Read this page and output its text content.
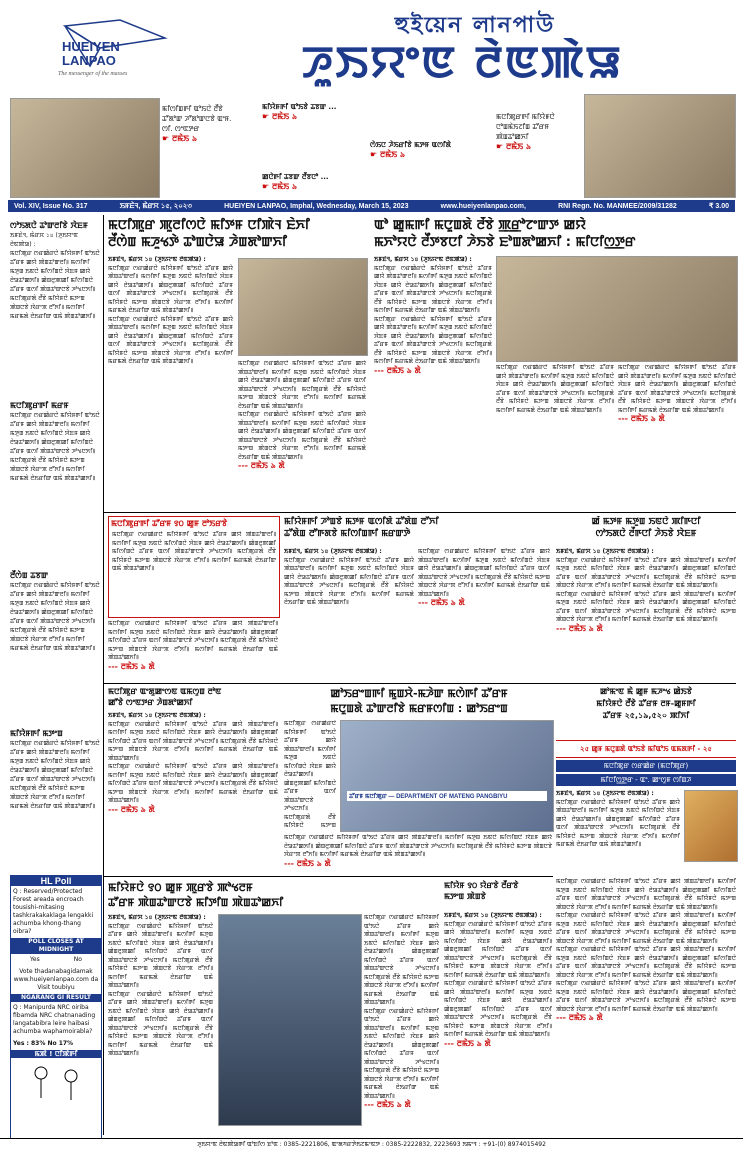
HUEIYEN
LANPAO
The messenger of the masses
হুইয়েন লানপাউ
ꯍꯨꯏꯌꯦꯟ ꯂꯥꯟꯄꯥꯎ
ꯃꯤꯁꯤꯡꯒꯤ ꯑꯣꯏꯅꯥ ꯂꯩꯕꯥ ꯊꯧꯗꯣꯛ ꯍꯧꯗꯣꯛꯅꯕꯥ ꯑꯦꯝ. ꯁꯤ. ꯁꯦꯟꯇꯔ
☛ ꯂꯃꯥꯏ ৯
ꯃꯤꯌꯥꯝꯒꯤ ꯑꯣꯏꯕꯥ ꯊꯕꯛ ...
☛ ꯂꯃꯥꯏ ৯
ꯁꯥꯏꯅ ꯍꯥꯏꯔꯤꯕꯥ ꯃꯇꯝ ꯑꯁꯤꯗꯥ
☛ ꯂꯃꯥꯏ ৯
ꯀꯅꯥꯒꯤ ꯊꯕꯛ ꯂꯩꯕꯅꯣ ...
☛ ꯂꯃꯥꯏ ৯
ꯃꯅꯤꯄꯨꯔꯒꯤ ꯃꯤꯌꯥꯝꯅꯥ ꯅꯣꯡꯃꯥꯏꯖꯤꯡ ꯊꯧꯔꯝ ꯄꯥꯡꯊꯣꯀꯈꯤ
☛ ꯂꯃꯥꯏ ৯
Vol. XIV, Issue No. 317	ꯏꯝꯐꯥꯜ, ꯃꯥꯔꯆ ১৫, ২০২৩	HUEIYEN LANPAO, Imphal, Wednesday, March 15, 2023	www.hueiyenlanpao.com,	RNI Regn. No. MANMEE/2009/31282	₹ 3.00
ꯁꯣꯏꯗꯅꯥ ꯊꯣꯛꯂꯤꯕꯥ ꯋꯥꯐꯝ
ꯏꯝꯐꯥꯜ, ꯃꯥꯔꯆ ১৪ (ꯍꯨꯏꯌꯦꯟ ꯂꯥꯟꯄꯥꯎ) :
ꯃꯅꯤꯄꯨꯔ ꯁꯔꯀꯥꯔꯅꯥ ꯃꯤꯌꯥꯝꯒꯤ ꯑꯣꯏꯅꯥ ꯊꯧꯔꯝ ꯀꯌꯥ ꯄꯥꯡꯊꯣꯛꯂꯤ꯫ ꯃꯁꯤꯒꯤ ꯃꯇꯨꯡ ꯏꯟꯅꯥ ꯃꯤꯁꯤꯡꯅꯥ ꯋꯥꯐꯝ ꯀꯌꯥ ꯂꯥꯎꯊꯣꯀꯈꯤ꯫ ꯀꯥꯡꯂꯨꯄꯀꯤ ꯃꯤꯁꯤꯡꯅꯥ ꯊꯧꯔꯝ ꯑꯁꯤ ꯄꯥꯡꯊꯣꯛꯅꯕꯥ ꯍꯣꯠꯅꯈꯤ꯫ ꯃꯅꯤꯄꯨꯔꯗꯥ ꯂꯩꯕꯥ ꯃꯤꯌꯥꯝꯅꯥ ꯃꯇꯦꯡ ꯄꯥꯡꯅꯕꯥ ꯋꯥꯔꯦꯞ ꯂꯧꯈꯤ꯫ ꯃꯁꯤꯒꯤ ꯃꯔꯃꯗꯥ ꯂꯥꯏꯔꯤꯛ ꯑꯃꯥ ꯄꯥꯡꯊꯣꯀꯈꯤ꯫
ꯃꯅꯤꯄꯨꯔꯒꯤ ꯃꯔꯝ
ꯃꯅꯤꯄꯨꯔ ꯁꯔꯀꯥꯔꯅꯥ ꯃꯤꯌꯥꯝꯒꯤ ꯑꯣꯏꯅꯥ ꯊꯧꯔꯝ ꯀꯌꯥ ꯄꯥꯡꯊꯣꯛꯂꯤ꯫ ꯃꯁꯤꯒꯤ ꯃꯇꯨꯡ ꯏꯟꯅꯥ ꯃꯤꯁꯤꯡꯅꯥ ꯋꯥꯐꯝ ꯀꯌꯥ ꯂꯥꯎꯊꯣꯀꯈꯤ꯫ ꯀꯥꯡꯂꯨꯄꯀꯤ ꯃꯤꯁꯤꯡꯅꯥ ꯊꯧꯔꯝ ꯑꯁꯤ ꯄꯥꯡꯊꯣꯛꯅꯕꯥ ꯍꯣꯠꯅꯈꯤ꯫ ꯃꯅꯤꯄꯨꯔꯗꯥ ꯂꯩꯕꯥ ꯃꯤꯌꯥꯝꯅꯥ ꯃꯇꯦꯡ ꯄꯥꯡꯅꯕꯥ ꯋꯥꯔꯦꯞ ꯂꯧꯈꯤ꯫ ꯃꯁꯤꯒꯤ ꯃꯔꯃꯗꯥ ꯂꯥꯏꯔꯤꯛ ꯑꯃꯥ ꯄꯥꯡꯊꯣꯀꯈꯤ꯫
ꯂꯩꯁꯥꯡ ꯊꯕꯛ
ꯃꯅꯤꯄꯨꯔ ꯁꯔꯀꯥꯔꯅꯥ ꯃꯤꯌꯥꯝꯒꯤ ꯑꯣꯏꯅꯥ ꯊꯧꯔꯝ ꯀꯌꯥ ꯄꯥꯡꯊꯣꯛꯂꯤ꯫ ꯃꯁꯤꯒꯤ ꯃꯇꯨꯡ ꯏꯟꯅꯥ ꯃꯤꯁꯤꯡꯅꯥ ꯋꯥꯐꯝ ꯀꯌꯥ ꯂꯥꯎꯊꯣꯀꯈꯤ꯫ ꯀꯥꯡꯂꯨꯄꯀꯤ ꯃꯤꯁꯤꯡꯅꯥ ꯊꯧꯔꯝ ꯑꯁꯤ ꯄꯥꯡꯊꯣꯛꯅꯕꯥ ꯍꯣꯠꯅꯈꯤ꯫ ꯃꯅꯤꯄꯨꯔꯗꯥ ꯂꯩꯕꯥ ꯃꯤꯌꯥꯝꯅꯥ ꯃꯇꯦꯡ ꯄꯥꯡꯅꯕꯥ ꯋꯥꯔꯦꯞ ꯂꯧꯈꯤ꯫ ꯃꯁꯤꯒꯤ ꯃꯔꯃꯗꯥ ꯂꯥꯏꯔꯤꯛ ꯑꯃꯥ ꯄꯥꯡꯊꯣꯀꯈꯤ꯫
ꯃꯤꯌꯥꯝꯒꯤ ꯃꯇꯦꯡ
ꯃꯅꯤꯄꯨꯔ ꯁꯔꯀꯥꯔꯅꯥ ꯃꯤꯌꯥꯝꯒꯤ ꯑꯣꯏꯅꯥ ꯊꯧꯔꯝ ꯀꯌꯥ ꯄꯥꯡꯊꯣꯛꯂꯤ꯫ ꯃꯁꯤꯒꯤ ꯃꯇꯨꯡ ꯏꯟꯅꯥ ꯃꯤꯁꯤꯡꯅꯥ ꯋꯥꯐꯝ ꯀꯌꯥ ꯂꯥꯎꯊꯣꯀꯈꯤ꯫ ꯀꯥꯡꯂꯨꯄꯀꯤ ꯃꯤꯁꯤꯡꯅꯥ ꯊꯧꯔꯝ ꯑꯁꯤ ꯄꯥꯡꯊꯣꯛꯅꯕꯥ ꯍꯣꯠꯅꯈꯤ꯫ ꯃꯅꯤꯄꯨꯔꯗꯥ ꯂꯩꯕꯥ ꯃꯤꯌꯥꯝꯅꯥ ꯃꯇꯦꯡ ꯄꯥꯡꯅꯕꯥ ꯋꯥꯔꯦꯞ ꯂꯧꯈꯤ꯫ ꯃꯁꯤꯒꯤ ꯃꯔꯃꯗꯥ ꯂꯥꯏꯔꯤꯛ ꯑꯃꯥ ꯄꯥꯡꯊꯣꯀꯈꯤ꯫
HL Poll
Q : Reserved/Protected Forest areada encroach tousishi-mitasing tashkrakakaklaga lengakki achumba khong-thang oibra?
POLL CLOSES AT MIDNIGHT
Yes	No
Vote thadanabagidamak www.hueiyenlanpao.com da Visit toubiyu
NGARANG GI RESULT
Q : Manipurda NRC oiriba fibamda NRC chatnanading langatabibra leire haibasi achumba waphamoirabla?
Yes : 83% No 17%
ꯃꯄꯥ ! ꯅꯤꯄꯥꯒꯤ
ꯃꯅꯤꯄꯨꯔ ꯄꯨꯂꯤꯁꯅꯥ ꯃꯤꯇꯝ ꯅꯤꯄꯥꯜ ꯐꯥꯈꯤ
ꯂꯩꯁꯥꯡ ꯃꯍꯨꯠꯇꯥ ꯊꯣꯡꯅꯥꯎ ꯍꯥꯡꯗꯣꯛꯈꯤ
ꯏꯝꯐꯥꯜ, ꯃꯥꯔꯆ ১৪ (ꯍꯨꯏꯌꯦꯟ ꯂꯥꯟꯄꯥꯎ) :
ꯃꯅꯤꯄꯨꯔ ꯁꯔꯀꯥꯔꯅꯥ ꯃꯤꯌꯥꯝꯒꯤ ꯑꯣꯏꯅꯥ ꯊꯧꯔꯝ ꯀꯌꯥ ꯄꯥꯡꯊꯣꯛꯂꯤ꯫ ꯃꯁꯤꯒꯤ ꯃꯇꯨꯡ ꯏꯟꯅꯥ ꯃꯤꯁꯤꯡꯅꯥ ꯋꯥꯐꯝ ꯀꯌꯥ ꯂꯥꯎꯊꯣꯀꯈꯤ꯫ ꯀꯥꯡꯂꯨꯄꯀꯤ ꯃꯤꯁꯤꯡꯅꯥ ꯊꯧꯔꯝ ꯑꯁꯤ ꯄꯥꯡꯊꯣꯛꯅꯕꯥ ꯍꯣꯠꯅꯈꯤ꯫ ꯃꯅꯤꯄꯨꯔꯗꯥ ꯂꯩꯕꯥ ꯃꯤꯌꯥꯝꯅꯥ ꯃꯇꯦꯡ ꯄꯥꯡꯅꯕꯥ ꯋꯥꯔꯦꯞ ꯂꯧꯈꯤ꯫ ꯃꯁꯤꯒꯤ ꯃꯔꯃꯗꯥ ꯂꯥꯏꯔꯤꯛ ꯑꯃꯥ ꯄꯥꯡꯊꯣꯀꯈꯤ꯫
ꯃꯅꯤꯄꯨꯔ ꯁꯔꯀꯥꯔꯅꯥ ꯃꯤꯌꯥꯝꯒꯤ ꯑꯣꯏꯅꯥ ꯊꯧꯔꯝ ꯀꯌꯥ ꯄꯥꯡꯊꯣꯛꯂꯤ꯫ ꯃꯁꯤꯒꯤ ꯃꯇꯨꯡ ꯏꯟꯅꯥ ꯃꯤꯁꯤꯡꯅꯥ ꯋꯥꯐꯝ ꯀꯌꯥ ꯂꯥꯎꯊꯣꯀꯈꯤ꯫ ꯀꯥꯡꯂꯨꯄꯀꯤ ꯃꯤꯁꯤꯡꯅꯥ ꯊꯧꯔꯝ ꯑꯁꯤ ꯄꯥꯡꯊꯣꯛꯅꯕꯥ ꯍꯣꯠꯅꯈꯤ꯫ ꯃꯅꯤꯄꯨꯔꯗꯥ ꯂꯩꯕꯥ ꯃꯤꯌꯥꯝꯅꯥ ꯃꯇꯦꯡ ꯄꯥꯡꯅꯕꯥ ꯋꯥꯔꯦꯞ ꯂꯧꯈꯤ꯫ ꯃꯁꯤꯒꯤ ꯃꯔꯃꯗꯥ ꯂꯥꯏꯔꯤꯛ ꯑꯃꯥ ꯄꯥꯡꯊꯣꯀꯈꯤ꯫	ꯃꯅꯤꯄꯨꯔ ꯁꯔꯀꯥꯔꯅꯥ ꯃꯤꯌꯥꯝꯒꯤ ꯑꯣꯏꯅꯥ ꯊꯧꯔꯝ ꯀꯌꯥ ꯄꯥꯡꯊꯣꯛꯂꯤ꯫ ꯃꯁꯤꯒꯤ ꯃꯇꯨꯡ ꯏꯟꯅꯥ ꯃꯤꯁꯤꯡꯅꯥ ꯋꯥꯐꯝ ꯀꯌꯥ ꯂꯥꯎꯊꯣꯀꯈꯤ꯫ ꯀꯥꯡꯂꯨꯄꯀꯤ ꯃꯤꯁꯤꯡꯅꯥ ꯊꯧꯔꯝ ꯑꯁꯤ ꯄꯥꯡꯊꯣꯛꯅꯕꯥ ꯍꯣꯠꯅꯈꯤ꯫ ꯃꯅꯤꯄꯨꯔꯗꯥ ꯂꯩꯕꯥ ꯃꯤꯌꯥꯝꯅꯥ ꯃꯇꯦꯡ ꯄꯥꯡꯅꯕꯥ ꯋꯥꯔꯦꯞ ꯂꯧꯈꯤ꯫ ꯃꯁꯤꯒꯤ ꯃꯔꯃꯗꯥ ꯂꯥꯏꯔꯤꯛ ꯑꯃꯥ ꯄꯥꯡꯊꯣꯀꯈꯤ꯫
ꯃꯅꯤꯄꯨꯔ ꯁꯔꯀꯥꯔꯅꯥ ꯃꯤꯌꯥꯝꯒꯤ ꯑꯣꯏꯅꯥ ꯊꯧꯔꯝ ꯀꯌꯥ ꯄꯥꯡꯊꯣꯛꯂꯤ꯫ ꯃꯁꯤꯒꯤ ꯃꯇꯨꯡ ꯏꯟꯅꯥ ꯃꯤꯁꯤꯡꯅꯥ ꯋꯥꯐꯝ ꯀꯌꯥ ꯂꯥꯎꯊꯣꯀꯈꯤ꯫ ꯀꯥꯡꯂꯨꯄꯀꯤ ꯃꯤꯁꯤꯡꯅꯥ ꯊꯧꯔꯝ ꯑꯁꯤ ꯄꯥꯡꯊꯣꯛꯅꯕꯥ ꯍꯣꯠꯅꯈꯤ꯫ ꯃꯅꯤꯄꯨꯔꯗꯥ ꯂꯩꯕꯥ ꯃꯤꯌꯥꯝꯅꯥ ꯃꯇꯦꯡ ꯄꯥꯡꯅꯕꯥ ꯋꯥꯔꯦꯞ ꯂꯧꯈꯤ꯫ ꯃꯁꯤꯒꯤ ꯃꯔꯃꯗꯥ ꯂꯥꯏꯔꯤꯛ ꯑꯃꯥ ꯄꯥꯡꯊꯣꯀꯈꯤ꯫
--- ꯂꯃꯥꯏ ৯ ꯗꯥ
ꯑꯣ ꯀꯨꯃꯒꯤ ꯃꯅꯨꯡꯗꯥ ꯂꯩꯕꯥ ꯄ꯭ꯔꯣꯖꯦꯛꯇ ꯀꯌꯥ
ꯃꯈꯣꯌꯅꯥ ꯂꯩꯇꯕꯅꯤ ꯍꯥꯏꯕꯥ ꯐꯣꯡꯗꯣꯀꯈꯤ : ꯃꯤꯅꯤꯁ꯭ꯇꯔ
ꯏꯝꯐꯥꯜ, ꯃꯥꯔꯆ ১৪ (ꯍꯨꯏꯌꯦꯟ ꯂꯥꯟꯄꯥꯎ) :
ꯃꯅꯤꯄꯨꯔ ꯁꯔꯀꯥꯔꯅꯥ ꯃꯤꯌꯥꯝꯒꯤ ꯑꯣꯏꯅꯥ ꯊꯧꯔꯝ ꯀꯌꯥ ꯄꯥꯡꯊꯣꯛꯂꯤ꯫ ꯃꯁꯤꯒꯤ ꯃꯇꯨꯡ ꯏꯟꯅꯥ ꯃꯤꯁꯤꯡꯅꯥ ꯋꯥꯐꯝ ꯀꯌꯥ ꯂꯥꯎꯊꯣꯀꯈꯤ꯫ ꯀꯥꯡꯂꯨꯄꯀꯤ ꯃꯤꯁꯤꯡꯅꯥ ꯊꯧꯔꯝ ꯑꯁꯤ ꯄꯥꯡꯊꯣꯛꯅꯕꯥ ꯍꯣꯠꯅꯈꯤ꯫ ꯃꯅꯤꯄꯨꯔꯗꯥ ꯂꯩꯕꯥ ꯃꯤꯌꯥꯝꯅꯥ ꯃꯇꯦꯡ ꯄꯥꯡꯅꯕꯥ ꯋꯥꯔꯦꯞ ꯂꯧꯈꯤ꯫ ꯃꯁꯤꯒꯤ ꯃꯔꯃꯗꯥ ꯂꯥꯏꯔꯤꯛ ꯑꯃꯥ ꯄꯥꯡꯊꯣꯀꯈꯤ꯫
ꯃꯅꯤꯄꯨꯔ ꯁꯔꯀꯥꯔꯅꯥ ꯃꯤꯌꯥꯝꯒꯤ ꯑꯣꯏꯅꯥ ꯊꯧꯔꯝ ꯀꯌꯥ ꯄꯥꯡꯊꯣꯛꯂꯤ꯫ ꯃꯁꯤꯒꯤ ꯃꯇꯨꯡ ꯏꯟꯅꯥ ꯃꯤꯁꯤꯡꯅꯥ ꯋꯥꯐꯝ ꯀꯌꯥ ꯂꯥꯎꯊꯣꯀꯈꯤ꯫ ꯀꯥꯡꯂꯨꯄꯀꯤ ꯃꯤꯁꯤꯡꯅꯥ ꯊꯧꯔꯝ ꯑꯁꯤ ꯄꯥꯡꯊꯣꯛꯅꯕꯥ ꯍꯣꯠꯅꯈꯤ꯫ ꯃꯅꯤꯄꯨꯔꯗꯥ ꯂꯩꯕꯥ ꯃꯤꯌꯥꯝꯅꯥ ꯃꯇꯦꯡ ꯄꯥꯡꯅꯕꯥ ꯋꯥꯔꯦꯞ ꯂꯧꯈꯤ꯫ ꯃꯁꯤꯒꯤ ꯃꯔꯃꯗꯥ ꯂꯥꯏꯔꯤꯛ ꯑꯃꯥ ꯄꯥꯡꯊꯣꯀꯈꯤ꯫
--- ꯂꯃꯥꯏ ৯ ꯗꯥ	ꯃꯅꯤꯄꯨꯔ ꯁꯔꯀꯥꯔꯅꯥ ꯃꯤꯌꯥꯝꯒꯤ ꯑꯣꯏꯅꯥ ꯊꯧꯔꯝ ꯀꯌꯥ ꯄꯥꯡꯊꯣꯛꯂꯤ꯫ ꯃꯁꯤꯒꯤ ꯃꯇꯨꯡ ꯏꯟꯅꯥ ꯃꯤꯁꯤꯡꯅꯥ ꯋꯥꯐꯝ ꯀꯌꯥ ꯂꯥꯎꯊꯣꯀꯈꯤ꯫ ꯀꯥꯡꯂꯨꯄꯀꯤ ꯃꯤꯁꯤꯡꯅꯥ ꯊꯧꯔꯝ ꯑꯁꯤ ꯄꯥꯡꯊꯣꯛꯅꯕꯥ ꯍꯣꯠꯅꯈꯤ꯫ ꯃꯅꯤꯄꯨꯔꯗꯥ ꯂꯩꯕꯥ ꯃꯤꯌꯥꯝꯅꯥ ꯃꯇꯦꯡ ꯄꯥꯡꯅꯕꯥ ꯋꯥꯔꯦꯞ ꯂꯧꯈꯤ꯫ ꯃꯁꯤꯒꯤ ꯃꯔꯃꯗꯥ ꯂꯥꯏꯔꯤꯛ ꯑꯃꯥ ꯄꯥꯡꯊꯣꯀꯈꯤ꯫
ꯃꯅꯤꯄꯨꯔ ꯁꯔꯀꯥꯔꯅꯥ ꯃꯤꯌꯥꯝꯒꯤ ꯑꯣꯏꯅꯥ ꯊꯧꯔꯝ ꯀꯌꯥ ꯄꯥꯡꯊꯣꯛꯂꯤ꯫ ꯃꯁꯤꯒꯤ ꯃꯇꯨꯡ ꯏꯟꯅꯥ ꯃꯤꯁꯤꯡꯅꯥ ꯋꯥꯐꯝ ꯀꯌꯥ ꯂꯥꯎꯊꯣꯀꯈꯤ꯫ ꯀꯥꯡꯂꯨꯄꯀꯤ ꯃꯤꯁꯤꯡꯅꯥ ꯊꯧꯔꯝ ꯑꯁꯤ ꯄꯥꯡꯊꯣꯛꯅꯕꯥ ꯍꯣꯠꯅꯈꯤ꯫ ꯃꯅꯤꯄꯨꯔꯗꯥ ꯂꯩꯕꯥ ꯃꯤꯌꯥꯝꯅꯥ ꯃꯇꯦꯡ ꯄꯥꯡꯅꯕꯥ ꯋꯥꯔꯦꯞ ꯂꯧꯈꯤ꯫ ꯃꯁꯤꯒꯤ ꯃꯔꯃꯗꯥ ꯂꯥꯏꯔꯤꯛ ꯑꯃꯥ ꯄꯥꯡꯊꯣꯀꯈꯤ꯫
--- ꯂꯃꯥꯏ ৯ ꯗꯥ
ꯃꯅꯤꯄꯨꯔꯒꯤ ꯊꯧꯔꯝ ꯱꯰ ꯀꯨꯝ ꯂꯣꯏꯔꯕꯥ
ꯃꯅꯤꯄꯨꯔ ꯁꯔꯀꯥꯔꯅꯥ ꯃꯤꯌꯥꯝꯒꯤ ꯑꯣꯏꯅꯥ ꯊꯧꯔꯝ ꯀꯌꯥ ꯄꯥꯡꯊꯣꯛꯂꯤ꯫ ꯃꯁꯤꯒꯤ ꯃꯇꯨꯡ ꯏꯟꯅꯥ ꯃꯤꯁꯤꯡꯅꯥ ꯋꯥꯐꯝ ꯀꯌꯥ ꯂꯥꯎꯊꯣꯀꯈꯤ꯫ ꯀꯥꯡꯂꯨꯄꯀꯤ ꯃꯤꯁꯤꯡꯅꯥ ꯊꯧꯔꯝ ꯑꯁꯤ ꯄꯥꯡꯊꯣꯛꯅꯕꯥ ꯍꯣꯠꯅꯈꯤ꯫ ꯃꯅꯤꯄꯨꯔꯗꯥ ꯂꯩꯕꯥ ꯃꯤꯌꯥꯝꯅꯥ ꯃꯇꯦꯡ ꯄꯥꯡꯅꯕꯥ ꯋꯥꯔꯦꯞ ꯂꯧꯈꯤ꯫ ꯃꯁꯤꯒꯤ ꯃꯔꯃꯗꯥ ꯂꯥꯏꯔꯤꯛ ꯑꯃꯥ ꯄꯥꯡꯊꯣꯀꯈꯤ꯫
ꯃꯅꯤꯄꯨꯔ ꯁꯔꯀꯥꯔꯅꯥ ꯃꯤꯌꯥꯝꯒꯤ ꯑꯣꯏꯅꯥ ꯊꯧꯔꯝ ꯀꯌꯥ ꯄꯥꯡꯊꯣꯛꯂꯤ꯫ ꯃꯁꯤꯒꯤ ꯃꯇꯨꯡ ꯏꯟꯅꯥ ꯃꯤꯁꯤꯡꯅꯥ ꯋꯥꯐꯝ ꯀꯌꯥ ꯂꯥꯎꯊꯣꯀꯈꯤ꯫ ꯀꯥꯡꯂꯨꯄꯀꯤ ꯃꯤꯁꯤꯡꯅꯥ ꯊꯧꯔꯝ ꯑꯁꯤ ꯄꯥꯡꯊꯣꯛꯅꯕꯥ ꯍꯣꯠꯅꯈꯤ꯫ ꯃꯅꯤꯄꯨꯔꯗꯥ ꯂꯩꯕꯥ ꯃꯤꯌꯥꯝꯅꯥ ꯃꯇꯦꯡ ꯄꯥꯡꯅꯕꯥ ꯋꯥꯔꯦꯞ ꯂꯧꯈꯤ꯫ ꯃꯁꯤꯒꯤ ꯃꯔꯃꯗꯥ ꯂꯥꯏꯔꯤꯛ ꯑꯃꯥ ꯄꯥꯡꯊꯣꯀꯈꯤ꯫
--- ꯂꯃꯥꯏ ৯ ꯗꯥ
ꯃꯤꯌꯥꯝꯒꯤ ꯍꯣꯡꯕꯥ ꯃꯇꯝ ꯑꯁꯤꯗꯥ ꯊꯧꯗꯥꯡ ꯂꯧꯈꯤ
ꯊꯧꯗꯥꯡ ꯂꯧꯒꯗꯕꯥ ꯃꯤꯁꯤꯡꯒꯤ ꯃꯔꯛꯇꯥ
ꯏꯝꯐꯥꯜ, ꯃꯥꯔꯆ ১৪ (ꯍꯨꯏꯌꯦꯟ ꯂꯥꯟꯄꯥꯎ) :
ꯃꯅꯤꯄꯨꯔ ꯁꯔꯀꯥꯔꯅꯥ ꯃꯤꯌꯥꯝꯒꯤ ꯑꯣꯏꯅꯥ ꯊꯧꯔꯝ ꯀꯌꯥ ꯄꯥꯡꯊꯣꯛꯂꯤ꯫ ꯃꯁꯤꯒꯤ ꯃꯇꯨꯡ ꯏꯟꯅꯥ ꯃꯤꯁꯤꯡꯅꯥ ꯋꯥꯐꯝ ꯀꯌꯥ ꯂꯥꯎꯊꯣꯀꯈꯤ꯫ ꯀꯥꯡꯂꯨꯄꯀꯤ ꯃꯤꯁꯤꯡꯅꯥ ꯊꯧꯔꯝ ꯑꯁꯤ ꯄꯥꯡꯊꯣꯛꯅꯕꯥ ꯍꯣꯠꯅꯈꯤ꯫ ꯃꯅꯤꯄꯨꯔꯗꯥ ꯂꯩꯕꯥ ꯃꯤꯌꯥꯝꯅꯥ ꯃꯇꯦꯡ ꯄꯥꯡꯅꯕꯥ ꯋꯥꯔꯦꯞ ꯂꯧꯈꯤ꯫ ꯃꯁꯤꯒꯤ ꯃꯔꯃꯗꯥ ꯂꯥꯏꯔꯤꯛ ꯑꯃꯥ ꯄꯥꯡꯊꯣꯀꯈꯤ꯫
ꯃꯅꯤꯄꯨꯔ ꯁꯔꯀꯥꯔꯅꯥ ꯃꯤꯌꯥꯝꯒꯤ ꯑꯣꯏꯅꯥ ꯊꯧꯔꯝ ꯀꯌꯥ ꯄꯥꯡꯊꯣꯛꯂꯤ꯫ ꯃꯁꯤꯒꯤ ꯃꯇꯨꯡ ꯏꯟꯅꯥ ꯃꯤꯁꯤꯡꯅꯥ ꯋꯥꯐꯝ ꯀꯌꯥ ꯂꯥꯎꯊꯣꯀꯈꯤ꯫ ꯀꯥꯡꯂꯨꯄꯀꯤ ꯃꯤꯁꯤꯡꯅꯥ ꯊꯧꯔꯝ ꯑꯁꯤ ꯄꯥꯡꯊꯣꯛꯅꯕꯥ ꯍꯣꯠꯅꯈꯤ꯫ ꯃꯅꯤꯄꯨꯔꯗꯥ ꯂꯩꯕꯥ ꯃꯤꯌꯥꯝꯅꯥ ꯃꯇꯦꯡ ꯄꯥꯡꯅꯕꯥ ꯋꯥꯔꯦꯞ ꯂꯧꯈꯤ꯫ ꯃꯁꯤꯒꯤ ꯃꯔꯃꯗꯥ ꯂꯥꯏꯔꯤꯛ ꯑꯃꯥ ꯄꯥꯡꯊꯣꯀꯈꯤ꯫
--- ꯂꯃꯥꯏ ৯ ꯗꯥ
ꯀꯩ ꯃꯇꯝ ꯃꯇꯨꯡ ꯏꯟꯅꯥ ꯄꯤꯒꯅꯤ
ꯁꯣꯏꯗꯅꯥ ꯂꯩꯒꯅꯤ ꯍꯥꯏꯕꯥ ꯋꯥꯐꯝ
ꯏꯝꯐꯥꯜ, ꯃꯥꯔꯆ ১৪ (ꯍꯨꯏꯌꯦꯟ ꯂꯥꯟꯄꯥꯎ) :
ꯃꯅꯤꯄꯨꯔ ꯁꯔꯀꯥꯔꯅꯥ ꯃꯤꯌꯥꯝꯒꯤ ꯑꯣꯏꯅꯥ ꯊꯧꯔꯝ ꯀꯌꯥ ꯄꯥꯡꯊꯣꯛꯂꯤ꯫ ꯃꯁꯤꯒꯤ ꯃꯇꯨꯡ ꯏꯟꯅꯥ ꯃꯤꯁꯤꯡꯅꯥ ꯋꯥꯐꯝ ꯀꯌꯥ ꯂꯥꯎꯊꯣꯀꯈꯤ꯫ ꯀꯥꯡꯂꯨꯄꯀꯤ ꯃꯤꯁꯤꯡꯅꯥ ꯊꯧꯔꯝ ꯑꯁꯤ ꯄꯥꯡꯊꯣꯛꯅꯕꯥ ꯍꯣꯠꯅꯈꯤ꯫ ꯃꯅꯤꯄꯨꯔꯗꯥ ꯂꯩꯕꯥ ꯃꯤꯌꯥꯝꯅꯥ ꯃꯇꯦꯡ ꯄꯥꯡꯅꯕꯥ ꯋꯥꯔꯦꯞ ꯂꯧꯈꯤ꯫ ꯃꯁꯤꯒꯤ ꯃꯔꯃꯗꯥ ꯂꯥꯏꯔꯤꯛ ꯑꯃꯥ ꯄꯥꯡꯊꯣꯀꯈꯤ꯫
ꯃꯅꯤꯄꯨꯔ ꯁꯔꯀꯥꯔꯅꯥ ꯃꯤꯌꯥꯝꯒꯤ ꯑꯣꯏꯅꯥ ꯊꯧꯔꯝ ꯀꯌꯥ ꯄꯥꯡꯊꯣꯛꯂꯤ꯫ ꯃꯁꯤꯒꯤ ꯃꯇꯨꯡ ꯏꯟꯅꯥ ꯃꯤꯁꯤꯡꯅꯥ ꯋꯥꯐꯝ ꯀꯌꯥ ꯂꯥꯎꯊꯣꯀꯈꯤ꯫ ꯀꯥꯡꯂꯨꯄꯀꯤ ꯃꯤꯁꯤꯡꯅꯥ ꯊꯧꯔꯝ ꯑꯁꯤ ꯄꯥꯡꯊꯣꯛꯅꯕꯥ ꯍꯣꯠꯅꯈꯤ꯫ ꯃꯅꯤꯄꯨꯔꯗꯥ ꯂꯩꯕꯥ ꯃꯤꯌꯥꯝꯅꯥ ꯃꯇꯦꯡ ꯄꯥꯡꯅꯕꯥ ꯋꯥꯔꯦꯞ ꯂꯧꯈꯤ꯫ ꯃꯁꯤꯒꯤ ꯃꯔꯃꯗꯥ ꯂꯥꯏꯔꯤꯛ ꯑꯃꯥ ꯄꯥꯡꯊꯣꯀꯈꯤ꯫
--- ꯂꯃꯥꯏ ৯ ꯗꯥ
ꯃꯅꯤꯄꯨꯔ ꯑꯦꯗꯨꯀꯦꯁꯟ ꯑꯃꯁꯨꯡ ꯂꯣꯟ
ꯀꯧꯕꯥ ꯁꯦꯟꯇꯔ ꯍꯥꯡꯗꯣꯀꯈꯤ
ꯏꯝꯐꯥꯜ, ꯃꯥꯔꯆ ১৪ (ꯍꯨꯏꯌꯦꯟ ꯂꯥꯟꯄꯥꯎ) :
ꯃꯅꯤꯄꯨꯔ ꯁꯔꯀꯥꯔꯅꯥ ꯃꯤꯌꯥꯝꯒꯤ ꯑꯣꯏꯅꯥ ꯊꯧꯔꯝ ꯀꯌꯥ ꯄꯥꯡꯊꯣꯛꯂꯤ꯫ ꯃꯁꯤꯒꯤ ꯃꯇꯨꯡ ꯏꯟꯅꯥ ꯃꯤꯁꯤꯡꯅꯥ ꯋꯥꯐꯝ ꯀꯌꯥ ꯂꯥꯎꯊꯣꯀꯈꯤ꯫ ꯀꯥꯡꯂꯨꯄꯀꯤ ꯃꯤꯁꯤꯡꯅꯥ ꯊꯧꯔꯝ ꯑꯁꯤ ꯄꯥꯡꯊꯣꯛꯅꯕꯥ ꯍꯣꯠꯅꯈꯤ꯫ ꯃꯅꯤꯄꯨꯔꯗꯥ ꯂꯩꯕꯥ ꯃꯤꯌꯥꯝꯅꯥ ꯃꯇꯦꯡ ꯄꯥꯡꯅꯕꯥ ꯋꯥꯔꯦꯞ ꯂꯧꯈꯤ꯫ ꯃꯁꯤꯒꯤ ꯃꯔꯃꯗꯥ ꯂꯥꯏꯔꯤꯛ ꯑꯃꯥ ꯄꯥꯡꯊꯣꯀꯈꯤ꯫
ꯃꯅꯤꯄꯨꯔ ꯁꯔꯀꯥꯔꯅꯥ ꯃꯤꯌꯥꯝꯒꯤ ꯑꯣꯏꯅꯥ ꯊꯧꯔꯝ ꯀꯌꯥ ꯄꯥꯡꯊꯣꯛꯂꯤ꯫ ꯃꯁꯤꯒꯤ ꯃꯇꯨꯡ ꯏꯟꯅꯥ ꯃꯤꯁꯤꯡꯅꯥ ꯋꯥꯐꯝ ꯀꯌꯥ ꯂꯥꯎꯊꯣꯀꯈꯤ꯫ ꯀꯥꯡꯂꯨꯄꯀꯤ ꯃꯤꯁꯤꯡꯅꯥ ꯊꯧꯔꯝ ꯑꯁꯤ ꯄꯥꯡꯊꯣꯛꯅꯕꯥ ꯍꯣꯠꯅꯈꯤ꯫ ꯃꯅꯤꯄꯨꯔꯗꯥ ꯂꯩꯕꯥ ꯃꯤꯌꯥꯝꯅꯥ ꯃꯇꯦꯡ ꯄꯥꯡꯅꯕꯥ ꯋꯥꯔꯦꯞ ꯂꯧꯈꯤ꯫ ꯃꯁꯤꯒꯤ ꯃꯔꯃꯗꯥ ꯂꯥꯏꯔꯤꯛ ꯑꯃꯥ ꯄꯥꯡꯊꯣꯀꯈꯤ꯫
--- ꯂꯃꯥꯏ ৯ ꯗꯥ
ꯀꯣꯏꯔꯦꯡꯒꯤ ꯃꯨꯡꯆꯥ-ꯃꯍꯥꯛ ꯃꯁꯥꯒꯤ ꯊꯧꯔꯝ
ꯃꯅꯨꯡꯗꯥ ꯊꯣꯛꯂꯤꯕꯥ ꯃꯔꯝꯁꯤꯡ : ꯀꯣꯏꯔꯦꯡ
ꯃꯅꯤꯄꯨꯔ ꯁꯔꯀꯥꯔꯅꯥ ꯃꯤꯌꯥꯝꯒꯤ ꯑꯣꯏꯅꯥ ꯊꯧꯔꯝ ꯀꯌꯥ ꯄꯥꯡꯊꯣꯛꯂꯤ꯫ ꯃꯁꯤꯒꯤ ꯃꯇꯨꯡ ꯏꯟꯅꯥ ꯃꯤꯁꯤꯡꯅꯥ ꯋꯥꯐꯝ ꯀꯌꯥ ꯂꯥꯎꯊꯣꯀꯈꯤ꯫ ꯀꯥꯡꯂꯨꯄꯀꯤ ꯃꯤꯁꯤꯡꯅꯥ ꯊꯧꯔꯝ ꯑꯁꯤ ꯄꯥꯡꯊꯣꯛꯅꯕꯥ ꯍꯣꯠꯅꯈꯤ꯫ ꯃꯅꯤꯄꯨꯔꯗꯥ ꯂꯩꯕꯥ ꯃꯤꯌꯥꯝꯅꯥ ꯃꯇꯦꯡ
ꯊꯧꯔꯝ ꯃꯅꯤꯄꯨꯔ — DEPARTMENT OF MATENG PANGBIYU
ꯃꯅꯤꯄꯨꯔ ꯁꯔꯀꯥꯔꯅꯥ ꯃꯤꯌꯥꯝꯒꯤ ꯑꯣꯏꯅꯥ ꯊꯧꯔꯝ ꯀꯌꯥ ꯄꯥꯡꯊꯣꯛꯂꯤ꯫ ꯃꯁꯤꯒꯤ ꯃꯇꯨꯡ ꯏꯟꯅꯥ ꯃꯤꯁꯤꯡꯅꯥ ꯋꯥꯐꯝ ꯀꯌꯥ ꯂꯥꯎꯊꯣꯀꯈꯤ꯫ ꯀꯥꯡꯂꯨꯄꯀꯤ ꯃꯤꯁꯤꯡꯅꯥ ꯊꯧꯔꯝ ꯑꯁꯤ ꯄꯥꯡꯊꯣꯛꯅꯕꯥ ꯍꯣꯠꯅꯈꯤ꯫ ꯃꯅꯤꯄꯨꯔꯗꯥ ꯂꯩꯕꯥ ꯃꯤꯌꯥꯝꯅꯥ ꯃꯇꯦꯡ ꯄꯥꯡꯅꯕꯥ ꯋꯥꯔꯦꯞ ꯂꯧꯈꯤ꯫ ꯃꯁꯤꯒꯤ ꯃꯔꯃꯗꯥ ꯂꯥꯏꯔꯤꯛ ꯑꯃꯥ ꯄꯥꯡꯊꯣꯀꯈꯤ꯫
--- ꯂꯃꯥꯏ ৯ ꯗꯥ
ꯀꯣꯃꯦꯟ ꯃꯥ ꯀꯨꯝ ꯃꯍꯦꯠ ꯀꯥꯏꯕꯥ
ꯃꯤꯌꯥꯝꯅꯥ ꯂꯩꯕꯥ ꯊꯧꯔꯝ ꯂꯝ-ꯀꯨꯝꯒꯤ
ꯊꯧꯔꯝ ২৫,১৯,৫২০ ꯄꯤꯈꯤ
২৫ ꯀꯨꯝ ꯃꯅꯨꯡꯗꯥ ꯑꯣꯏꯕꯥ ꯃꯤꯑꯣꯏ ꯑꯃꯗꯒꯤ - ২৫
ꯃꯅꯤꯄꯨꯔ ꯁꯔꯀꯥꯔ (ꯃꯅꯤꯄꯨꯔ)
ꯃꯤꯅꯤꯁ꯭ꯇꯔ - ꯑꯦ. ꯀꯦꯁꯨꯝ ꯁꯤꯡꯍ
ꯏꯝꯐꯥꯜ, ꯃꯥꯔꯆ ১৪ (ꯍꯨꯏꯌꯦꯟ ꯂꯥꯟꯄꯥꯎ) :
ꯃꯅꯤꯄꯨꯔ ꯁꯔꯀꯥꯔꯅꯥ ꯃꯤꯌꯥꯝꯒꯤ ꯑꯣꯏꯅꯥ ꯊꯧꯔꯝ ꯀꯌꯥ ꯄꯥꯡꯊꯣꯛꯂꯤ꯫ ꯃꯁꯤꯒꯤ ꯃꯇꯨꯡ ꯏꯟꯅꯥ ꯃꯤꯁꯤꯡꯅꯥ ꯋꯥꯐꯝ ꯀꯌꯥ ꯂꯥꯎꯊꯣꯀꯈꯤ꯫ ꯀꯥꯡꯂꯨꯄꯀꯤ ꯃꯤꯁꯤꯡꯅꯥ ꯊꯧꯔꯝ ꯑꯁꯤ ꯄꯥꯡꯊꯣꯛꯅꯕꯥ ꯍꯣꯠꯅꯈꯤ꯫ ꯃꯅꯤꯄꯨꯔꯗꯥ ꯂꯩꯕꯥ ꯃꯤꯌꯥꯝꯅꯥ ꯃꯇꯦꯡ ꯄꯥꯡꯅꯕꯥ ꯋꯥꯔꯦꯞ ꯂꯧꯈꯤ꯫ ꯃꯁꯤꯒꯤ ꯃꯔꯃꯗꯥ ꯂꯥꯏꯔꯤꯛ ꯑꯃꯥ ꯄꯥꯡꯊꯣꯀꯈꯤ꯫
ꯃꯅꯤꯄꯨꯔ ꯁꯔꯀꯥꯔꯅꯥ ꯃꯤꯌꯥꯝꯒꯤ ꯑꯣꯏꯅꯥ ꯊꯧꯔꯝ ꯀꯌꯥ ꯄꯥꯡꯊꯣꯛꯂꯤ꯫ ꯃꯁꯤꯒꯤ ꯃꯇꯨꯡ ꯏꯟꯅꯥ ꯃꯤꯁꯤꯡꯅꯥ ꯋꯥꯐꯝ ꯀꯌꯥ ꯂꯥꯎꯊꯣꯀꯈꯤ꯫ ꯀꯥꯡꯂꯨꯄꯀꯤ ꯃꯤꯁꯤꯡꯅꯥ ꯊꯧꯔꯝ ꯑꯁꯤ ꯄꯥꯡꯊꯣꯛꯅꯕꯥ ꯍꯣꯠꯅꯈꯤ꯫ ꯃꯅꯤꯄꯨꯔꯗꯥ ꯂꯩꯕꯥ ꯃꯤꯌꯥꯝꯅꯥ ꯃꯇꯦꯡ ꯄꯥꯡꯅꯕꯥ ꯋꯥꯔꯦꯞ ꯂꯧꯈꯤ꯫ ꯃꯁꯤꯒꯤ ꯃꯔꯃꯗꯥ ꯂꯥꯏꯔꯤꯛ ꯑꯃꯥ ꯄꯥꯡꯊꯣꯀꯈꯤ꯫
ꯃꯅꯤꯄꯨꯔ ꯁꯔꯀꯥꯔꯅꯥ ꯃꯤꯌꯥꯝꯒꯤ ꯑꯣꯏꯅꯥ ꯊꯧꯔꯝ ꯀꯌꯥ ꯄꯥꯡꯊꯣꯛꯂꯤ꯫ ꯃꯁꯤꯒꯤ ꯃꯇꯨꯡ ꯏꯟꯅꯥ ꯃꯤꯁꯤꯡꯅꯥ ꯋꯥꯐꯝ ꯀꯌꯥ ꯂꯥꯎꯊꯣꯀꯈꯤ꯫ ꯀꯥꯡꯂꯨꯄꯀꯤ ꯃꯤꯁꯤꯡꯅꯥ ꯊꯧꯔꯝ ꯑꯁꯤ ꯄꯥꯡꯊꯣꯛꯅꯕꯥ ꯍꯣꯠꯅꯈꯤ꯫ ꯃꯅꯤꯄꯨꯔꯗꯥ ꯂꯩꯕꯥ ꯃꯤꯌꯥꯝꯅꯥ ꯃꯇꯦꯡ ꯄꯥꯡꯅꯕꯥ ꯋꯥꯔꯦꯞ ꯂꯧꯈꯤ꯫ ꯃꯁꯤꯒꯤ ꯃꯔꯃꯗꯥ ꯂꯥꯏꯔꯤꯛ ꯑꯃꯥ ꯄꯥꯡꯊꯣꯀꯈꯤ꯫
ꯃꯅꯤꯄꯨꯔ ꯁꯔꯀꯥꯔꯅꯥ ꯃꯤꯌꯥꯝꯒꯤ ꯑꯣꯏꯅꯥ ꯊꯧꯔꯝ ꯀꯌꯥ ꯄꯥꯡꯊꯣꯛꯂꯤ꯫ ꯃꯁꯤꯒꯤ ꯃꯇꯨꯡ ꯏꯟꯅꯥ ꯃꯤꯁꯤꯡꯅꯥ ꯋꯥꯐꯝ ꯀꯌꯥ ꯂꯥꯎꯊꯣꯀꯈꯤ꯫ ꯀꯥꯡꯂꯨꯄꯀꯤ ꯃꯤꯁꯤꯡꯅꯥ ꯊꯧꯔꯝ ꯑꯁꯤ ꯄꯥꯡꯊꯣꯛꯅꯕꯥ ꯍꯣꯠꯅꯈꯤ꯫ ꯃꯅꯤꯄꯨꯔꯗꯥ ꯂꯩꯕꯥ ꯃꯤꯌꯥꯝꯅꯥ ꯃꯇꯦꯡ ꯄꯥꯡꯅꯕꯥ ꯋꯥꯔꯦꯞ ꯂꯧꯈꯤ꯫ ꯃꯁꯤꯒꯤ ꯃꯔꯃꯗꯥ ꯂꯥꯏꯔꯤꯛ ꯑꯃꯥ ꯄꯥꯡꯊꯣꯀꯈꯤ꯫
ꯃꯅꯤꯄꯨꯔ ꯁꯔꯀꯥꯔꯅꯥ ꯃꯤꯌꯥꯝꯒꯤ ꯑꯣꯏꯅꯥ ꯊꯧꯔꯝ ꯀꯌꯥ ꯄꯥꯡꯊꯣꯛꯂꯤ꯫ ꯃꯁꯤꯒꯤ ꯃꯇꯨꯡ ꯏꯟꯅꯥ ꯃꯤꯁꯤꯡꯅꯥ ꯋꯥꯐꯝ ꯀꯌꯥ ꯂꯥꯎꯊꯣꯀꯈꯤ꯫ ꯀꯥꯡꯂꯨꯄꯀꯤ ꯃꯤꯁꯤꯡꯅꯥ ꯊꯧꯔꯝ ꯑꯁꯤ ꯄꯥꯡꯊꯣꯛꯅꯕꯥ ꯍꯣꯠꯅꯈꯤ꯫ ꯃꯅꯤꯄꯨꯔꯗꯥ ꯂꯩꯕꯥ ꯃꯤꯌꯥꯝꯅꯥ ꯃꯇꯦꯡ ꯄꯥꯡꯅꯕꯥ ꯋꯥꯔꯦꯞ ꯂꯧꯈꯤ꯫ ꯃꯁꯤꯒꯤ ꯃꯔꯃꯗꯥ ꯂꯥꯏꯔꯤꯛ ꯑꯃꯥ ꯄꯥꯡꯊꯣꯀꯈꯤ꯫
--- ꯂꯃꯥꯏ ৯ ꯗꯥ
ꯃꯤꯌꯥꯝꯅꯥ ꯱꯰ ꯀꯨꯝ ꯄꯨꯔꯕꯥ ꯄꯣꯠꯂꯝ
ꯊꯧꯔꯝ ꯄꯥꯡꯊꯣꯛꯅꯕꯥ ꯃꯤꯇꯤꯡ ꯄꯥꯡꯊꯣꯀꯈꯤ
ꯏꯝꯐꯥꯜ, ꯃꯥꯔꯆ ১৪ (ꯍꯨꯏꯌꯦꯟ ꯂꯥꯟꯄꯥꯎ) :
ꯃꯅꯤꯄꯨꯔ ꯁꯔꯀꯥꯔꯅꯥ ꯃꯤꯌꯥꯝꯒꯤ ꯑꯣꯏꯅꯥ ꯊꯧꯔꯝ ꯀꯌꯥ ꯄꯥꯡꯊꯣꯛꯂꯤ꯫ ꯃꯁꯤꯒꯤ ꯃꯇꯨꯡ ꯏꯟꯅꯥ ꯃꯤꯁꯤꯡꯅꯥ ꯋꯥꯐꯝ ꯀꯌꯥ ꯂꯥꯎꯊꯣꯀꯈꯤ꯫ ꯀꯥꯡꯂꯨꯄꯀꯤ ꯃꯤꯁꯤꯡꯅꯥ ꯊꯧꯔꯝ ꯑꯁꯤ ꯄꯥꯡꯊꯣꯛꯅꯕꯥ ꯍꯣꯠꯅꯈꯤ꯫ ꯃꯅꯤꯄꯨꯔꯗꯥ ꯂꯩꯕꯥ ꯃꯤꯌꯥꯝꯅꯥ ꯃꯇꯦꯡ ꯄꯥꯡꯅꯕꯥ ꯋꯥꯔꯦꯞ ꯂꯧꯈꯤ꯫ ꯃꯁꯤꯒꯤ ꯃꯔꯃꯗꯥ ꯂꯥꯏꯔꯤꯛ ꯑꯃꯥ ꯄꯥꯡꯊꯣꯀꯈꯤ꯫
ꯃꯅꯤꯄꯨꯔ ꯁꯔꯀꯥꯔꯅꯥ ꯃꯤꯌꯥꯝꯒꯤ ꯑꯣꯏꯅꯥ ꯊꯧꯔꯝ ꯀꯌꯥ ꯄꯥꯡꯊꯣꯛꯂꯤ꯫ ꯃꯁꯤꯒꯤ ꯃꯇꯨꯡ ꯏꯟꯅꯥ ꯃꯤꯁꯤꯡꯅꯥ ꯋꯥꯐꯝ ꯀꯌꯥ ꯂꯥꯎꯊꯣꯀꯈꯤ꯫ ꯀꯥꯡꯂꯨꯄꯀꯤ ꯃꯤꯁꯤꯡꯅꯥ ꯊꯧꯔꯝ ꯑꯁꯤ ꯄꯥꯡꯊꯣꯛꯅꯕꯥ ꯍꯣꯠꯅꯈꯤ꯫ ꯃꯅꯤꯄꯨꯔꯗꯥ ꯂꯩꯕꯥ ꯃꯤꯌꯥꯝꯅꯥ ꯃꯇꯦꯡ ꯄꯥꯡꯅꯕꯥ ꯋꯥꯔꯦꯞ ꯂꯧꯈꯤ꯫ ꯃꯁꯤꯒꯤ ꯃꯔꯃꯗꯥ ꯂꯥꯏꯔꯤꯛ ꯑꯃꯥ ꯄꯥꯡꯊꯣꯀꯈꯤ꯫
ꯃꯅꯤꯄꯨꯔ ꯁꯔꯀꯥꯔꯅꯥ ꯃꯤꯌꯥꯝꯒꯤ ꯑꯣꯏꯅꯥ ꯊꯧꯔꯝ ꯀꯌꯥ ꯄꯥꯡꯊꯣꯛꯂꯤ꯫ ꯃꯁꯤꯒꯤ ꯃꯇꯨꯡ ꯏꯟꯅꯥ ꯃꯤꯁꯤꯡꯅꯥ ꯋꯥꯐꯝ ꯀꯌꯥ ꯂꯥꯎꯊꯣꯀꯈꯤ꯫ ꯀꯥꯡꯂꯨꯄꯀꯤ ꯃꯤꯁꯤꯡꯅꯥ ꯊꯧꯔꯝ ꯑꯁꯤ ꯄꯥꯡꯊꯣꯛꯅꯕꯥ ꯍꯣꯠꯅꯈꯤ꯫ ꯃꯅꯤꯄꯨꯔꯗꯥ ꯂꯩꯕꯥ ꯃꯤꯌꯥꯝꯅꯥ ꯃꯇꯦꯡ ꯄꯥꯡꯅꯕꯥ ꯋꯥꯔꯦꯞ ꯂꯧꯈꯤ꯫ ꯃꯁꯤꯒꯤ ꯃꯔꯃꯗꯥ ꯂꯥꯏꯔꯤꯛ ꯑꯃꯥ ꯄꯥꯡꯊꯣꯀꯈꯤ꯫
ꯃꯅꯤꯄꯨꯔ ꯁꯔꯀꯥꯔꯅꯥ ꯃꯤꯌꯥꯝꯒꯤ ꯑꯣꯏꯅꯥ ꯊꯧꯔꯝ ꯀꯌꯥ ꯄꯥꯡꯊꯣꯛꯂꯤ꯫ ꯃꯁꯤꯒꯤ ꯃꯇꯨꯡ ꯏꯟꯅꯥ ꯃꯤꯁꯤꯡꯅꯥ ꯋꯥꯐꯝ ꯀꯌꯥ ꯂꯥꯎꯊꯣꯀꯈꯤ꯫ ꯀꯥꯡꯂꯨꯄꯀꯤ ꯃꯤꯁꯤꯡꯅꯥ ꯊꯧꯔꯝ ꯑꯁꯤ ꯄꯥꯡꯊꯣꯛꯅꯕꯥ ꯍꯣꯠꯅꯈꯤ꯫ ꯃꯅꯤꯄꯨꯔꯗꯥ ꯂꯩꯕꯥ ꯃꯤꯌꯥꯝꯅꯥ ꯃꯇꯦꯡ ꯄꯥꯡꯅꯕꯥ ꯋꯥꯔꯦꯞ ꯂꯧꯈꯤ꯫ ꯃꯁꯤꯒꯤ ꯃꯔꯃꯗꯥ ꯂꯥꯏꯔꯤꯛ ꯑꯃꯥ ꯄꯥꯡꯊꯣꯀꯈꯤ꯫
--- ꯂꯃꯥꯏ ৯ ꯗꯥ
ꯃꯤꯌꯥꯝ ꯱꯰ ꯌꯥꯔꯕꯥ ꯂꯩꯔꯕꯥ
ꯃꯇꯦꯡ ꯄꯥꯡꯕꯥ
ꯏꯝꯐꯥꯜ, ꯃꯥꯔꯆ ১৪ (ꯍꯨꯏꯌꯦꯟ ꯂꯥꯟꯄꯥꯎ) :
ꯃꯅꯤꯄꯨꯔ ꯁꯔꯀꯥꯔꯅꯥ ꯃꯤꯌꯥꯝꯒꯤ ꯑꯣꯏꯅꯥ ꯊꯧꯔꯝ ꯀꯌꯥ ꯄꯥꯡꯊꯣꯛꯂꯤ꯫ ꯃꯁꯤꯒꯤ ꯃꯇꯨꯡ ꯏꯟꯅꯥ ꯃꯤꯁꯤꯡꯅꯥ ꯋꯥꯐꯝ ꯀꯌꯥ ꯂꯥꯎꯊꯣꯀꯈꯤ꯫ ꯀꯥꯡꯂꯨꯄꯀꯤ ꯃꯤꯁꯤꯡꯅꯥ ꯊꯧꯔꯝ ꯑꯁꯤ ꯄꯥꯡꯊꯣꯛꯅꯕꯥ ꯍꯣꯠꯅꯈꯤ꯫ ꯃꯅꯤꯄꯨꯔꯗꯥ ꯂꯩꯕꯥ ꯃꯤꯌꯥꯝꯅꯥ ꯃꯇꯦꯡ ꯄꯥꯡꯅꯕꯥ ꯋꯥꯔꯦꯞ ꯂꯧꯈꯤ꯫ ꯃꯁꯤꯒꯤ ꯃꯔꯃꯗꯥ ꯂꯥꯏꯔꯤꯛ ꯑꯃꯥ ꯄꯥꯡꯊꯣꯀꯈꯤ꯫
ꯃꯅꯤꯄꯨꯔ ꯁꯔꯀꯥꯔꯅꯥ ꯃꯤꯌꯥꯝꯒꯤ ꯑꯣꯏꯅꯥ ꯊꯧꯔꯝ ꯀꯌꯥ ꯄꯥꯡꯊꯣꯛꯂꯤ꯫ ꯃꯁꯤꯒꯤ ꯃꯇꯨꯡ ꯏꯟꯅꯥ ꯃꯤꯁꯤꯡꯅꯥ ꯋꯥꯐꯝ ꯀꯌꯥ ꯂꯥꯎꯊꯣꯀꯈꯤ꯫ ꯀꯥꯡꯂꯨꯄꯀꯤ ꯃꯤꯁꯤꯡꯅꯥ ꯊꯧꯔꯝ ꯑꯁꯤ ꯄꯥꯡꯊꯣꯛꯅꯕꯥ ꯍꯣꯠꯅꯈꯤ꯫ ꯃꯅꯤꯄꯨꯔꯗꯥ ꯂꯩꯕꯥ ꯃꯤꯌꯥꯝꯅꯥ ꯃꯇꯦꯡ ꯄꯥꯡꯅꯕꯥ ꯋꯥꯔꯦꯞ ꯂꯧꯈꯤ꯫ ꯃꯁꯤꯒꯤ ꯃꯔꯃꯗꯥ ꯂꯥꯏꯔꯤꯛ ꯑꯃꯥ ꯄꯥꯡꯊꯣꯀꯈꯤ꯫
--- ꯂꯃꯥꯏ ৯ ꯗꯥ
ꯍꯨꯏꯌꯦꯟ ꯂꯥꯟꯄꯥꯎꯒꯤ ꯑꯣꯐꯤꯁ ꯐꯣꯟ : 0385-2221806, ꯑꯦꯗꯚꯔꯇꯥꯏꯖꯃꯦꯟꯇ : 0385-2222832, 2223693 ꯏꯃꯦꯜ : +91-(0) 8974015492
